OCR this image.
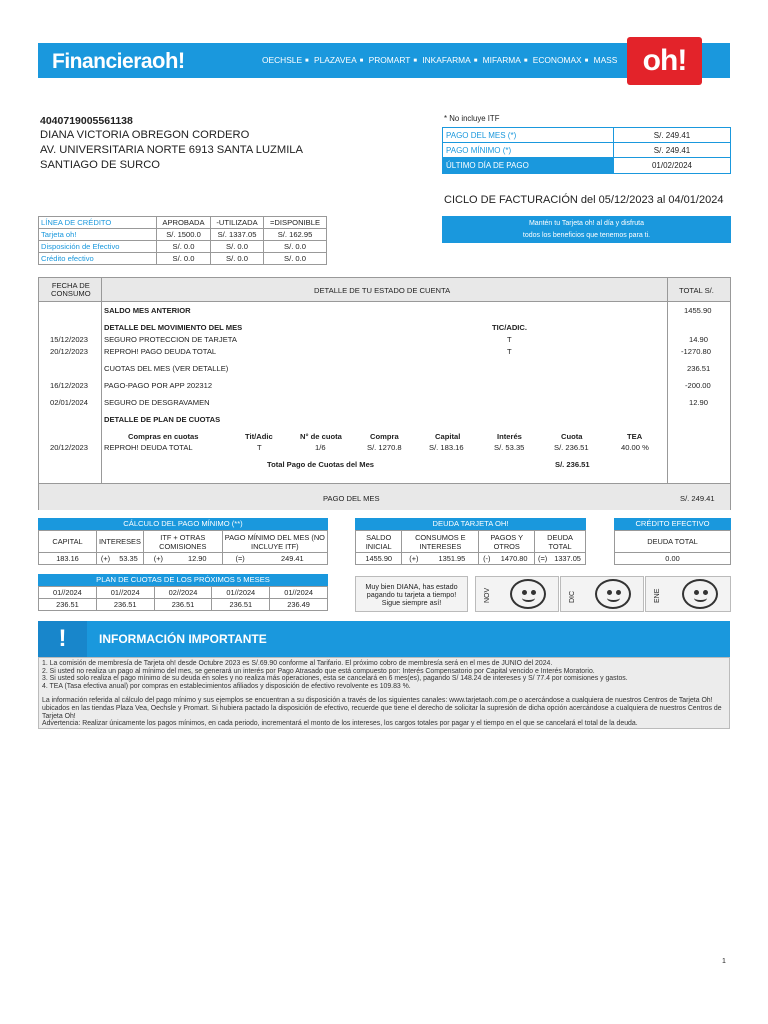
Financieraoh!	OECHSLE ■ PLAZAVEA ■ PROMART ■ INKAFARMA ■ MIFARMA ■ ECONOMAX ■ MASS oh!
4040719005561138
DIANA VICTORIA OBREGON CORDERO
AV. UNIVERSITARIA NORTE 6913 SANTA LUZMILA
SANTIAGO DE SURCO
* No incluye ITF
PAGO DEL MES (*)	S/. 249.41
PAGO MÍNIMO (*)	S/. 249.41
ÚLTIMO DÍA DE PAGO	01/02/2024
CICLO DE FACTURACIÓN del 05/12/2023 al 04/01/2024
Mantén tu Tarjeta oh! al día y disfruta
todos los beneficios que tenemos para ti.
LÍNEA DE CRÉDITO	APROBADA	-UTILIZADA	=DISPONIBLE
Tarjeta oh!	S/. 1500.0	S/. 1337.05	S/. 162.95
Disposición de Efectivo	S/. 0.0	S/. 0.0	S/. 0.0
Crédito efectivo	S/. 0.0	S/. 0.0	S/. 0.0
FECHA DE
CONSUMO	DETALLE DE TU ESTADO DE CUENTA	TOTAL S/.
SALDO MES ANTERIOR	1455.90
DETALLE DEL MOVIMIENTO DEL MES	TIC/ADIC.
15/12/2023 SEGURO PROTECCION DE TARJETA	T	14.90
20/12/2023 REPROH! PAGO DEUDA TOTAL	T	-1270.80
CUOTAS DEL MES (VER DETALLE)	236.51
16/12/2023 PAGO-PAGO POR APP 202312	-200.00
02/01/2024 SEGURO DE DESGRAVAMEN	12.90
DETALLE DE PLAN DE CUOTAS
Compras en cuotas	Tit/Adic	N° de cuota	Compra	Capital	Interés	Cuota	TEA
20/12/2023 REPROH! DEUDA TOTAL	T	1/6	S/. 1270.8	S/. 183.16	S/. 53.35	S/. 236.51	40.00 %
Total Pago de Cuotas del Mes	S/. 236.51
PAGO DEL MES	S/. 249.41
CÁLCULO DEL PAGO MÍNIMO (**)
CAPITAL	INTERESES		ITF + OTRAS COMISIONES		PAGO MÍNIMO DEL MES (NO INCLUYE ITF)	
183.16	(+)	53.35	(+)	12.90	(=)	249.41
DEUDA TARJETA OH!
SALDO INICIAL	CONSUMOS E INTERESES		PAGOS Y OTROS		DEUDA TOTAL	
1455.90	(+)	1351.95	(-)	1470.80	(=)	1337.05
CRÉDITO EFECTIVO
DEUDA TOTAL
0.00
PLAN DE CUOTAS DE LOS PRÓXIMOS 5 MESES
01//2024	01//2024	02//2024	01//2024	01//2024
236.51	236.51	236.51	236.51	236.49
Muy bien DIANA, has estado
pagando tu tarjeta a tiempo!
Sigue siempre así!	NOV	DIC	ENE
!	INFORMACIÓN IMPORTANTE

1. La comisión de membresía de Tarjeta oh! desde Octubre 2023 es S/.69.90 conforme al Tarifario. El próximo cobro de membresía será en el mes de JUNIO del 2024.

2. Si usted no realiza un pago al mínimo del mes, se generará un interés por Pago Atrasado que está compuesto por: Interés Compensatorio por Capital vencido e Interés Moratorio.

3. Si usted solo realiza el pago mínimo de su deuda en soles y no realiza más operaciones, esta se cancelará en 6 mes(es), pagando S/ 148.24 de intereses y S/ 77.4 por comisiones y gastos.

4. TEA (Tasa efectiva anual) por compras en establecimientos afiliados y disposición de efectivo revolvente es 109.83 %.

La información referida al cálculo del pago mínimo y sus ejemplos se encuentran a su disposición a través de los siguientes canales: www.tarjetaoh.com.pe o acercándose a cualquiera de nuestros Centros de Tarjeta Oh! ubicados en las tiendas Plaza Vea, Oechsle y Promart. Si hubiera pactado la disposición de efectivo, recuerde que tiene el derecho de solicitar la supresión de dicha opción acercándose a cualquiera de nuestros Centros de Tarjeta Oh!

Advertencia: Realizar únicamente los pagos mínimos, en cada periodo, incrementará el monto de los intereses, los cargos totales por pagar y el tiempo en el que se cancelará el total de la deuda.

1
